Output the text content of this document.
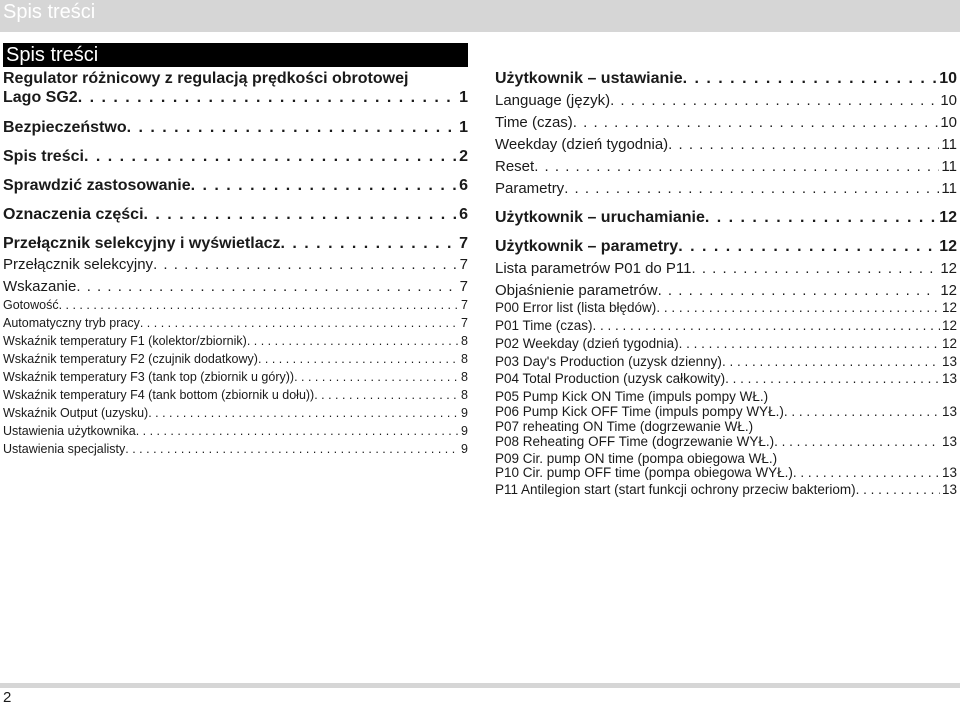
Spis treści
Spis treści
Regulator różnicowy z regulacją prędkości obrotowej
Lago SG2 . . .	1
Bezpieczeństwo . . .	1
Spis treści . . .	2
Sprawdzić zastosowanie . . .	6
Oznaczenia części . . .	6
Przełącznik selekcyjny i wyświetlacz . . .	7
Przełącznik selekcyjny . . .	7
Wskazanie . . .	7
Gotowość . . .	7
Automatyczny tryb pracy . . .	7
Wskaźnik temperatury F1 (kolektor/zbiornik) . . .	8
Wskaźnik temperatury F2 (czujnik dodatkowy) . . .	8
Wskaźnik temperatury F3 (tank top (zbiornik u góry)) . . .	8
Wskaźnik temperatury F4 (tank bottom (zbiornik u dołu)) . . .	8
Wskaźnik Output (uzysku) . . .	9
Ustawienia użytkownika . . .	9
Ustawienia specjalisty . . .	9
Użytkownik – ustawianie . . .	10
Language (język) . . .	10
Time (czas) . . .	10
Weekday (dzień tygodnia) . . .	11
Reset . . .	11
Parametry . . .	11
Użytkownik – uruchamianie . . .	12
Użytkownik – parametry . . .	12
Lista parametrów P01 do P11 . . .	12
Objaśnienie parametrów . . .	12
P00 Error list (lista błędów) . . .	12
P01 Time (czas) . . .	12
P02 Weekday (dzień tygodnia) . . .	12
P03 Day's Production (uzysk dzienny) . . .	13
P04 Total Production (uzysk całkowity) . . .	13
P05 Pump Kick ON Time (impuls pompy WŁ.)
P06 Pump Kick OFF Time (impuls pompy WYŁ.) . . .	13
P07 reheating ON Time (dogrzewanie WŁ.)
P08 Reheating OFF Time (dogrzewanie WYŁ.) . . .	13
P09 Cir. pump ON time (pompa obiegowa WŁ.)
P10 Cir. pump OFF time (pompa obiegowa WYŁ.) . . .	13
P11 Antilegion start (start funkcji ochrony przeciw bakteriom) . . .	13
2
